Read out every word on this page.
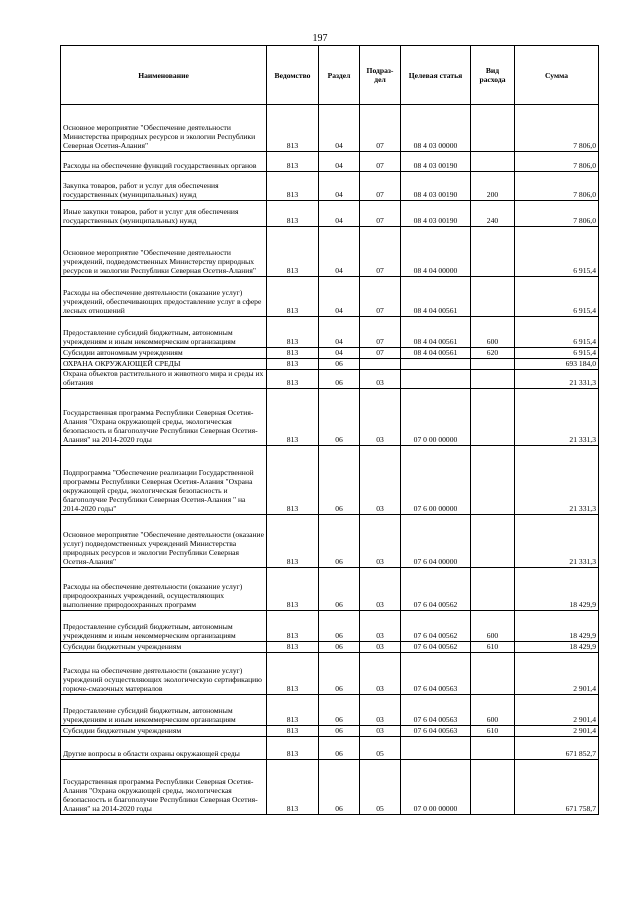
197
Наименование	Ведомство	Раздел	Подраз-дел	Целевая статья	Вид расхода	Сумма
Основное мероприятие "Обеспечение деятельности Министерства природных ресурсов и экологии Республики Северная Осетия-Алания"	813	04	07	08 4 03 00000		7 806,0
Расходы на обеспечение функций государственных органов	813	04	07	08 4 03 00190		7 806,0
Закупка товаров, работ и услуг для обеспечения государственных (муниципальных) нужд	813	04	07	08 4 03 00190	200	7 806,0
Иные закупки товаров, работ и услуг для обеспечения государственных (муниципальных) нужд	813	04	07	08 4 03 00190	240	7 806,0
Основное мероприятие "Обеспечение деятельности учреждений, подведомственных Министерству природных ресурсов и экологии Республики Северная Осетия-Алания"	813	04	07	08 4 04 00000		6 915,4
Расходы на обеспечение деятельности (оказание услуг) учреждений, обеспечивающих предоставление услуг в сфере лесных отношений	813	04	07	08 4 04 00561		6 915,4
Предоставление субсидий бюджетным, автономным учреждениям и иным некоммерческим организациям	813	04	07	08 4 04 00561	600	6 915,4
Субсидии автономным учреждениям	813	04	07	08 4 04 00561	620	6 915,4
ОХРАНА ОКРУЖАЮЩЕЙ СРЕДЫ	813	06				693 184,0
Охрана объектов растительного и животного мира и среды их обитания	813	06	03			21 331,3
Государственная программа Республики Северная Осетия-Алания "Охрана окружающей среды, экологическая безопасность и благополучие Республики Северная Осетия-Алания" на 2014-2020 годы	813	06	03	07 0 00 00000		21 331,3
Подпрограмма "Обеспечение реализации Государственной программы Республики Северная Осетия-Алания "Охрана окружающей среды, экологическая безопасность и благополучие Республики Северная Осетия-Алания " на 2014-2020 годы"	813	06	03	07 6 00 00000		21 331,3
Основное мероприятие "Обеспечение деятельности (оказание услуг) подведомственных учреждений Министерства природных ресурсов и экологии Республики Северная Осетия-Алания"	813	06	03	07 6 04 00000		21 331,3
Расходы на обеспечение деятельности (оказание услуг) природоохранных учреждений, осуществляющих выполнение природоохранных программ	813	06	03	07 6 04 00562		18 429,9
Предоставление субсидий бюджетным, автономным учреждениям и иным некоммерческим организациям	813	06	03	07 6 04 00562	600	18 429,9
Субсидии бюджетным учреждениям	813	06	03	07 6 04 00562	610	18 429,9
Расходы на обеспечение деятельности (оказание услуг) учреждений осуществляющих экологическую сертификацию горюче-смазочных материалов	813	06	03	07 6 04 00563		2 901,4
Предоставление субсидий бюджетным, автономным учреждениям и иным некоммерческим организациям	813	06	03	07 6 04 00563	600	2 901,4
Субсидии бюджетным учреждениям	813	06	03	07 6 04 00563	610	2 901,4
Другие вопросы в области охраны окружающей среды	813	06	05			671 852,7
Государственная программа Республики Северная Осетия-Алания "Охрана окружающей среды, экологическая безопасность и благополучие Республики Северная Осетия-Алания" на 2014-2020 годы	813	06	05	07 0 00 00000		671 758,7
